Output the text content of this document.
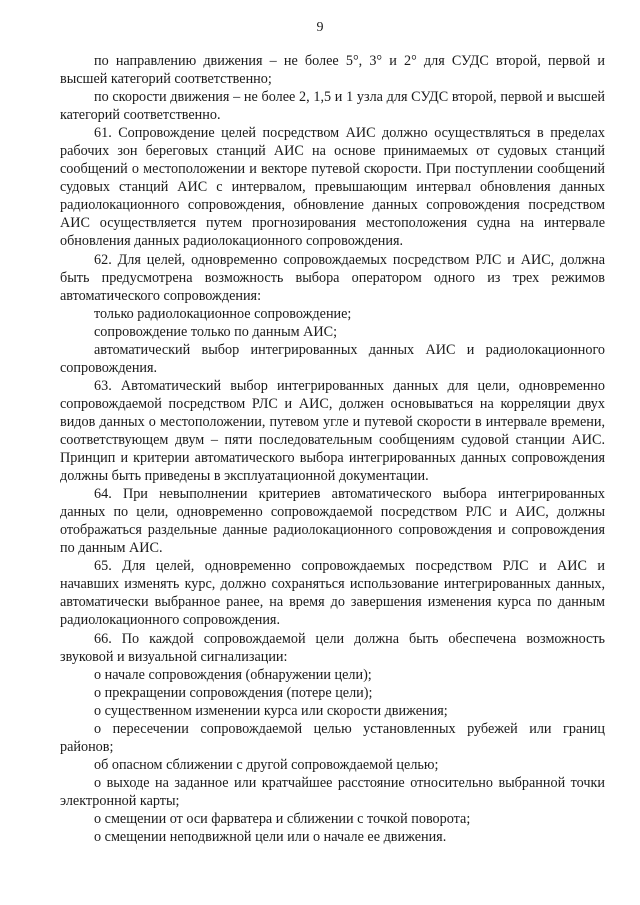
9

по направлению движения – не более 5°, 3° и 2° для СУДС второй, первой и высшей категорий соответственно;

по скорости движения – не более 2, 1,5 и 1 узла для СУДС второй, первой и высшей категорий соответственно.

61. Сопровождение целей посредством АИС должно осуществляться в пределах рабочих зон береговых станций АИС на основе принимаемых от судовых станций сообщений о местоположении и векторе путевой скорости. При поступлении сообщений судовых станций АИС с интервалом, превышающим интервал обновления данных радиолокационного сопровождения, обновление данных сопровождения посредством АИС осуществляется путем прогнозирования местоположения судна на интервале обновления данных радиолокационного сопровождения.

62. Для целей, одновременно сопровождаемых посредством РЛС и АИС, должна быть предусмотрена возможность выбора оператором одного из трех режимов автоматического сопровождения:

только радиолокационное сопровождение;

сопровождение только по данным АИС;

автоматический выбор интегрированных данных АИС и радиолокационного сопровождения.

63. Автоматический выбор интегрированных данных для цели, одновременно сопровождаемой посредством РЛС и АИС, должен основываться на корреляции двух видов данных о местоположении, путевом угле и путевой скорости в интервале времени, соответствующем двум – пяти последовательным сообщениям судовой станции АИС. Принцип и критерии автоматического выбора интегрированных данных сопровождения должны быть приведены в эксплуатационной документации.

64. При невыполнении критериев автоматического выбора интегрированных данных по цели, одновременно сопровождаемой посредством РЛС и АИС, должны отображаться раздельные данные радиолокационного сопровождения и сопровождения по данным АИС.

65. Для целей, одновременно сопровождаемых посредством РЛС и АИС и начавших изменять курс, должно сохраняться использование интегрированных данных, автоматически выбранное ранее, на время до завершения изменения курса по данным радиолокационного сопровождения.

66. По каждой сопровождаемой цели должна быть обеспечена возможность звуковой и визуальной сигнализации:

о начале сопровождения (обнаружении цели);

о прекращении сопровождения (потере цели);

о существенном изменении курса или скорости движения;

о пересечении сопровождаемой целью установленных рубежей или границ районов;

об опасном сближении с другой сопровождаемой целью;

о выходе на заданное или кратчайшее расстояние относительно выбранной точки электронной карты;

о смещении от оси фарватера и сближении с точкой поворота;

о смещении неподвижной цели или о начале ее движения.
